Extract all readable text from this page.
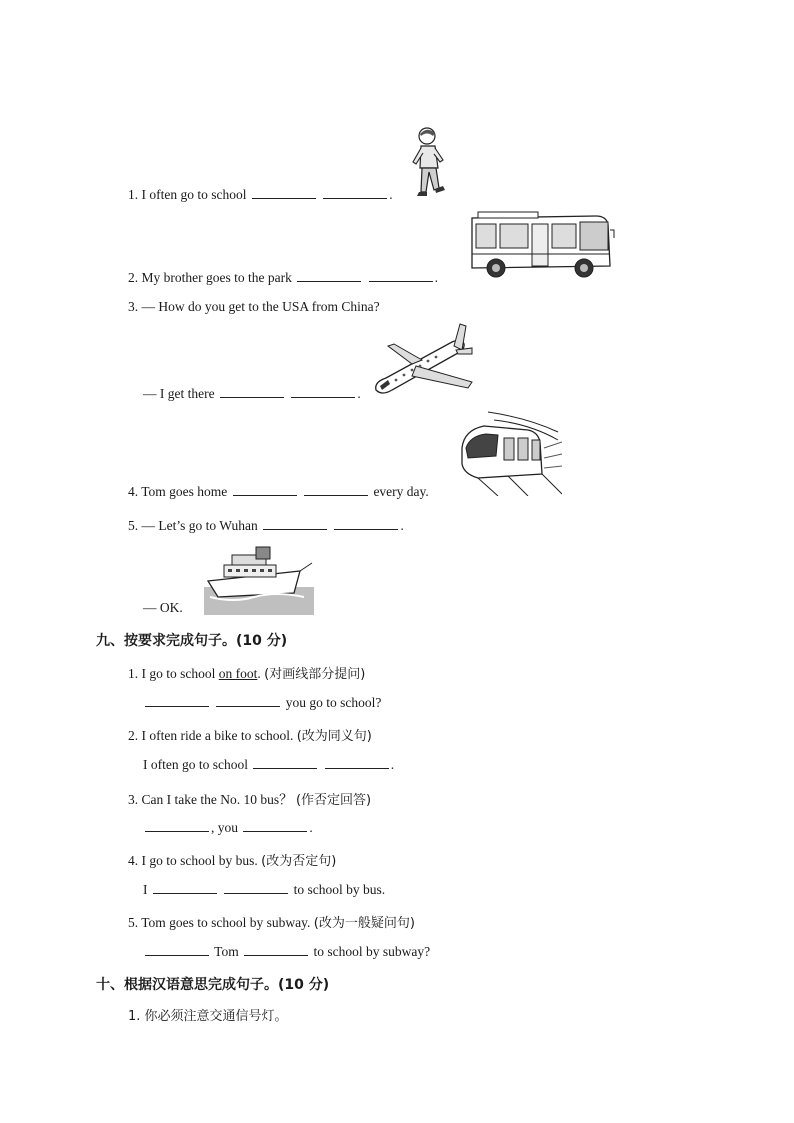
1. I often go to school	.
2. My brother goes to the park	.
3. — How do you get to the USA from China?
— I get there	.
4. Tom goes home	every day.
5. — Let’s go to Wuhan	.
— OK.
九、按要求完成句子。(10 分)
1. I go to school on foot. (对画线部分提问)
you go to school?
2. I often ride a bike to school. (改为同义句)
I often go to school	.
3. Can I take the No. 10 bus？ (作否定回答)
, you	.
4. I go to school by bus. (改为否定句)
I	to school by bus.
5. Tom goes to school by subway. (改为一般疑问句)
Tom	to school by subway?
十、根据汉语意思完成句子。(10 分)
1. 你必须注意交通信号灯。
